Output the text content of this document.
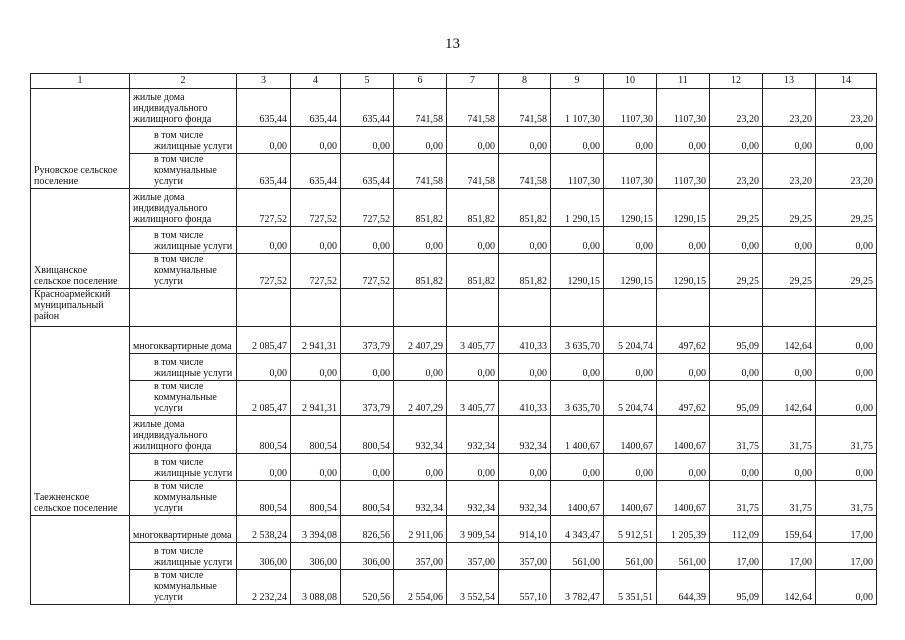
13
1	2	3	4	5	6	7	8	9	10	11	12	13	14
Руновское сельское поселение	жилые дома индивидуального жилищного фонда	635,44	635,44	635,44	741,58	741,58	741,58	1 107,30	1107,30	1107,30	23,20	23,20	23,20
	в том числе жилищные услуги	0,00	0,00	0,00	0,00	0,00	0,00	0,00	0,00	0,00	0,00	0,00	0,00
	в том числе коммунальные услуги	635,44	635,44	635,44	741,58	741,58	741,58	1107,30	1107,30	1107,30	23,20	23,20	23,20
Хвищанское сельское поселение	жилые дома индивидуального жилищного фонда	727,52	727,52	727,52	851,82	851,82	851,82	1 290,15	1290,15	1290,15	29,25	29,25	29,25
	в том числе жилищные услуги	0,00	0,00	0,00	0,00	0,00	0,00	0,00	0,00	0,00	0,00	0,00	0,00
	в том числе коммунальные услуги	727,52	727,52	727,52	851,82	851,82	851,82	1290,15	1290,15	1290,15	29,25	29,25	29,25
Красноармейский муниципальный район													
Таежненское сельское поселение	многоквартирные дома	2 085,47	2 941,31	373,79	2 407,29	3 405,77	410,33	3 635,70	5 204,74	497,62	95,09	142,64	0,00
	в том числе жилищные услуги	0,00	0,00	0,00	0,00	0,00	0,00	0,00	0,00	0,00	0,00	0,00	0,00
	в том числе коммунальные услуги	2 085,47	2 941,31	373,79	2 407,29	3 405,77	410,33	3 635,70	5 204,74	497,62	95,09	142,64	0,00
	жилые дома индивидуального жилищного фонда	800,54	800,54	800,54	932,34	932,34	932,34	1 400,67	1400,67	1400,67	31,75	31,75	31,75
	в том числе жилищные услуги	0,00	0,00	0,00	0,00	0,00	0,00	0,00	0,00	0,00	0,00	0,00	0,00
	в том числе коммунальные услуги	800,54	800,54	800,54	932,34	932,34	932,34	1400,67	1400,67	1400,67	31,75	31,75	31,75
	многоквартирные дома	2 538,24	3 394,08	826,56	2 911,06	3 909,54	914,10	4 343,47	5 912,51	1 205,39	112,09	159,64	17,00
	в том числе жилищные услуги	306,00	306,00	306,00	357,00	357,00	357,00	561,00	561,00	561,00	17,00	17,00	17,00
	в том числе коммунальные услуги	2 232,24	3 088,08	520,56	2 554,06	3 552,54	557,10	3 782,47	5 351,51	644,39	95,09	142,64	0,00
